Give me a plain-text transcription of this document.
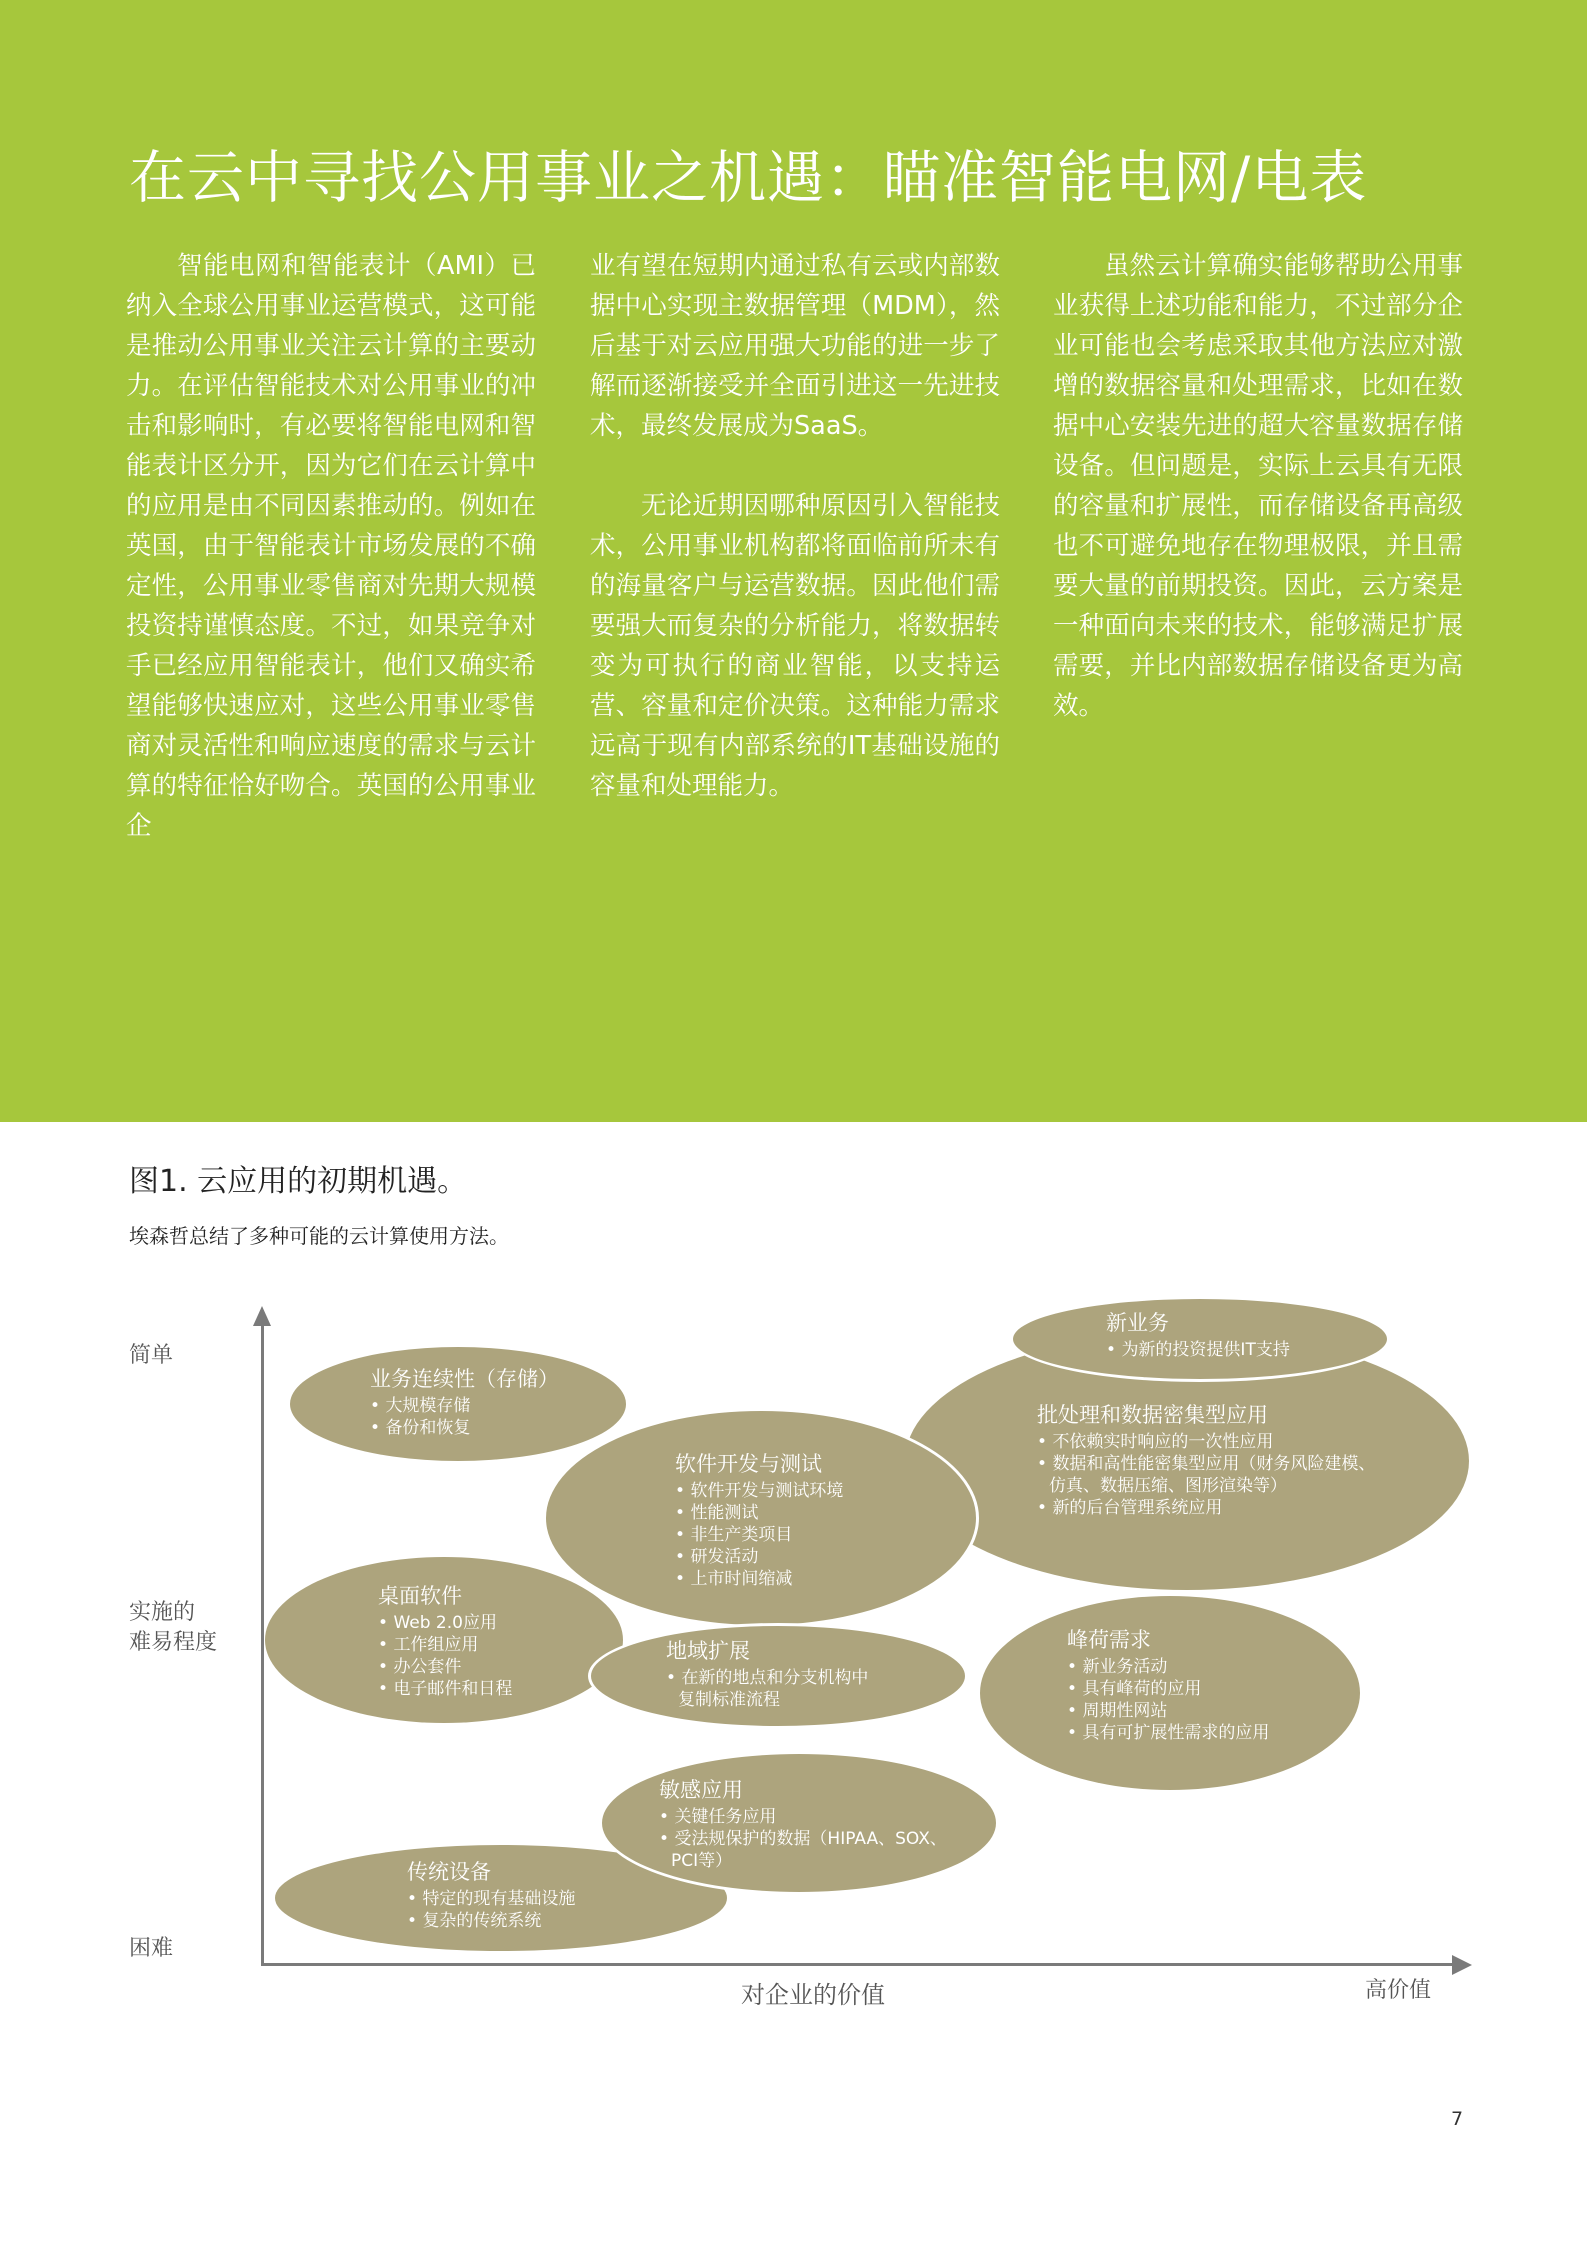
在云中寻找公用事业之机遇：瞄准智能电网/电表

智能电网和智能表计（AMI）已纳入全球公用事业运营模式，这可能是推动公用事业关注云计算的主要动力。在评估智能技术对公用事业的冲击和影响时，有必要将智能电网和智能表计区分开，因为它们在云计算中的应用是由不同因素推动的。例如在英国，由于智能表计市场发展的不确定性，公用事业零售商对先期大规模投资持谨慎态度。不过，如果竞争对手已经应用智能表计，他们又确实希望能够快速应对，这些公用事业零售商对灵活性和响应速度的需求与云计算的特征恰好吻合。英国的公用事业企

业有望在短期内通过私有云或内部数据中心实现主数据管理（MDM），然后基于对云应用强大功能的进一步了解而逐渐接受并全面引进这一先进技术，最终发展成为SaaS。

无论近期因哪种原因引入智能技术，公用事业机构都将面临前所未有的海量客户与运营数据。因此他们需要强大而复杂的分析能力，将数据转变为可执行的商业智能，以支持运营、容量和定价决策。这种能力需求远高于现有内部系统的IT基础设施的容量和处理能力。

虽然云计算确实能够帮助公用事业获得上述功能和能力，不过部分企业可能也会考虑采取其他方法应对激增的数据容量和处理需求，比如在数据中心安装先进的超大容量数据存储设备。但问题是，实际上云具有无限的容量和扩展性，而存储设备再高级也不可避免地存在物理极限，并且需要大量的前期投资。因此，云方案是一种面向未来的技术，能够满足扩展需要，并比内部数据存储设备更为高效。

图1. 云应用的初期机遇。
埃森哲总结了多种可能的云计算使用方法。
简单
实施的
难易程度
困难
对企业的价值	高价值
业务连续性（存储）
• 大规模存储
• 备份和恢复
批处理和数据密集型应用
• 不依赖实时响应的一次性应用
• 数据和高性能密集型应用（财务风险建模、
仿真、数据压缩、图形渲染等）
• 新的后台管理系统应用
软件开发与测试
• 软件开发与测试环境
• 性能测试
• 非生产类项目
• 研发活动
• 上市时间缩减
新业务
• 为新的投资提供IT支持
桌面软件
• Web 2.0应用
• 工作组应用
• 办公套件
• 电子邮件和日程
地域扩展
• 在新的地点和分支机构中
复制标准流程
峰荷需求
• 新业务活动
• 具有峰荷的应用
• 周期性网站
• 具有可扩展性需求的应用
传统设备
• 特定的现有基础设施
• 复杂的传统系统
敏感应用
• 关键任务应用
• 受法规保护的数据（HIPAA、SOX、
PCI等）
7
